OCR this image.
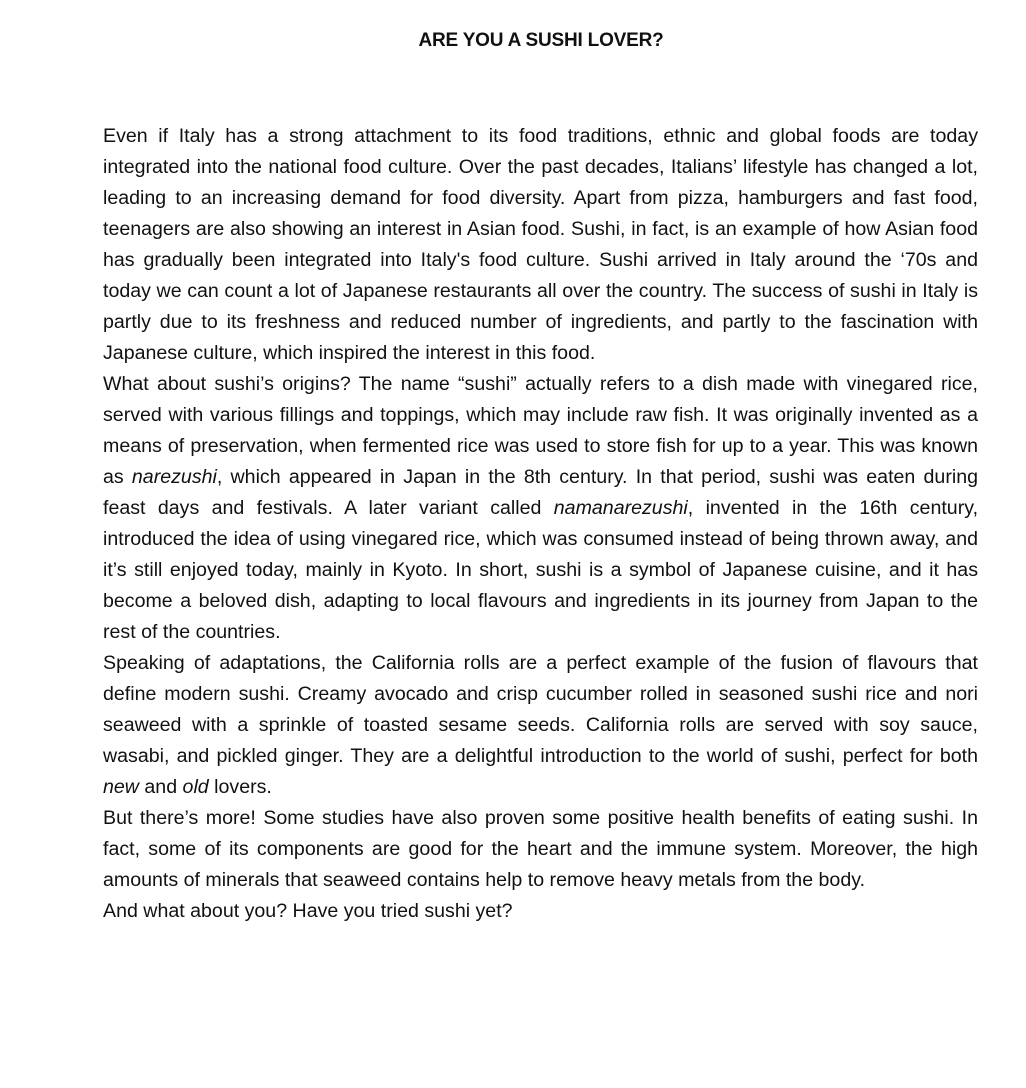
ARE YOU A SUSHI LOVER?

Even if Italy has a strong attachment to its food traditions, ethnic and global foods are today integrated into the national food culture. Over the past decades, Italians’ lifestyle has changed a lot, leading to an increasing demand for food diversity. Apart from pizza, hamburgers and fast food, teenagers are also showing an interest in Asian food. Sushi, in fact, is an example of how Asian food has gradually been integrated into Italy's food culture. Sushi arrived in Italy around the ‘70s and today we can count a lot of Japanese restaurants all over the country. The success of sushi in Italy is partly due to its freshness and reduced number of ingredients, and partly to the fascination with Japanese culture, which inspired the interest in this food.

What about sushi’s origins? The name “sushi” actually refers to a dish made with vinegared rice, served with various fillings and toppings, which may include raw fish. It was originally invented as a means of preservation, when fermented rice was used to store fish for up to a year. This was known as narezushi, which appeared in Japan in the 8th century. In that period, sushi was eaten during feast days and festivals. A later variant called namanarezushi, invented in the 16th century, introduced the idea of using vinegared rice, which was consumed instead of being thrown away, and it’s still enjoyed today, mainly in Kyoto. In short, sushi is a symbol of Japanese cuisine, and it has become a beloved dish, adapting to local flavours and ingredients in its journey from Japan to the rest of the countries.

Speaking of adaptations, the California rolls are a perfect example of the fusion of flavours that define modern sushi. Creamy avocado and crisp cucumber rolled in seasoned sushi rice and nori seaweed with a sprinkle of toasted sesame seeds. California rolls are served with soy sauce, wasabi, and pickled ginger. They are a delightful introduction to the world of sushi, perfect for both new and old lovers.

But there’s more! Some studies have also proven some positive health benefits of eating sushi. In fact, some of its components are good for the heart and the immune system. Moreover, the high amounts of minerals that seaweed contains help to remove heavy metals from the body.

And what about you? Have you tried sushi yet?
